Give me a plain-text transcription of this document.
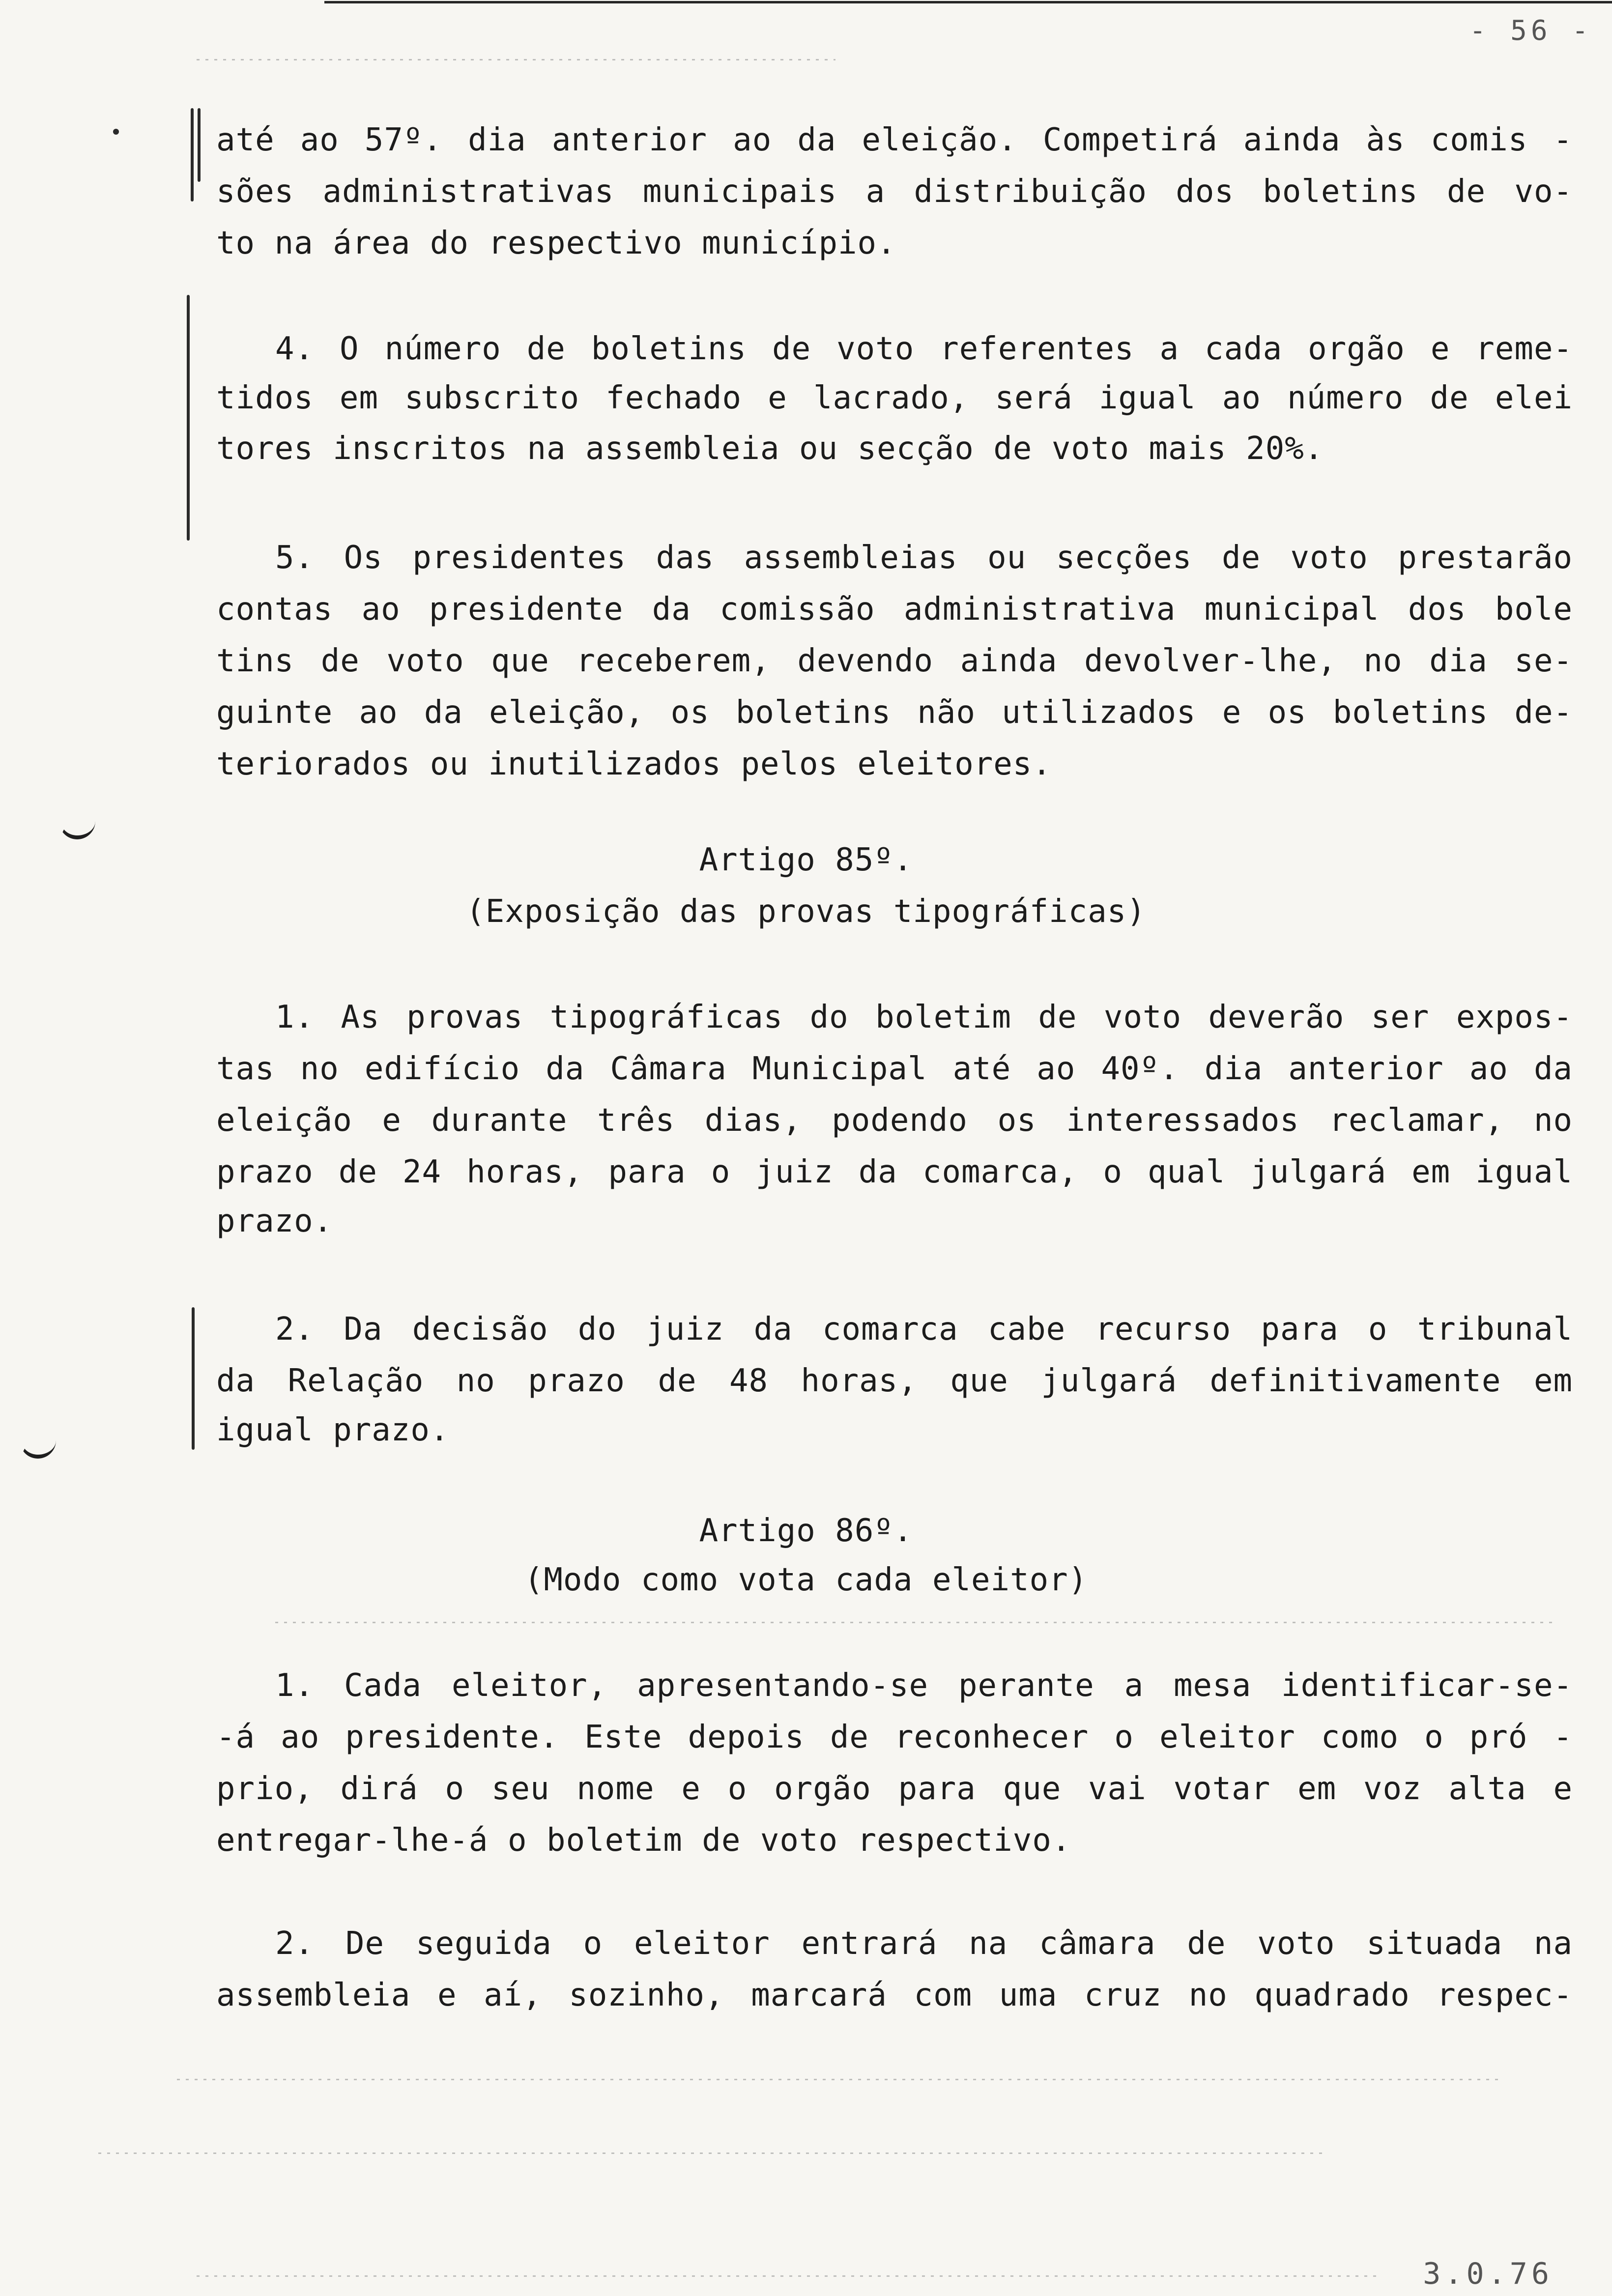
- 56 -
até ao 57º. dia anterior ao da eleição. Competirá ainda às comis -
sões administrativas municipais a distribuição dos boletins de vo-
to na área do respectivo município.
4. O número de boletins de voto referentes a cada orgão e reme-
tidos em subscrito fechado e lacrado, será igual ao número de elei
tores inscritos na assembleia ou secção de voto mais 20%.
5. Os presidentes das assembleias ou secções de voto prestarão
contas ao presidente da comissão administrativa municipal dos bole
tins de voto que receberem, devendo ainda devolver-lhe, no dia se-
guinte ao da eleição, os boletins não utilizados e os boletins de-
teriorados ou inutilizados pelos eleitores.
Artigo 85º.
(Exposição das provas tipográficas)
1. As provas tipográficas do boletim de voto deverão ser expos-
tas no edifício da Câmara Municipal até ao 40º. dia anterior ao da
eleição e durante três dias, podendo os interessados reclamar, no
prazo de 24 horas, para o juiz da comarca, o qual julgará em igual
prazo.
2. Da decisão do juiz da comarca cabe recurso para o tribunal
da Relação no prazo de 48 horas, que julgará definitivamente em
igual prazo.
Artigo 86º.
(Modo como vota cada eleitor)
1. Cada eleitor, apresentando-se perante a mesa identificar-se-
-á ao presidente. Este depois de reconhecer o eleitor como o pró -
prio, dirá o seu nome e o orgão para que vai votar em voz alta e
entregar-lhe-á o boletim de voto respectivo.
2. De seguida o eleitor entrará na câmara de voto situada na
assembleia e aí, sozinho, marcará com uma cruz no quadrado respec-
3.0.76
